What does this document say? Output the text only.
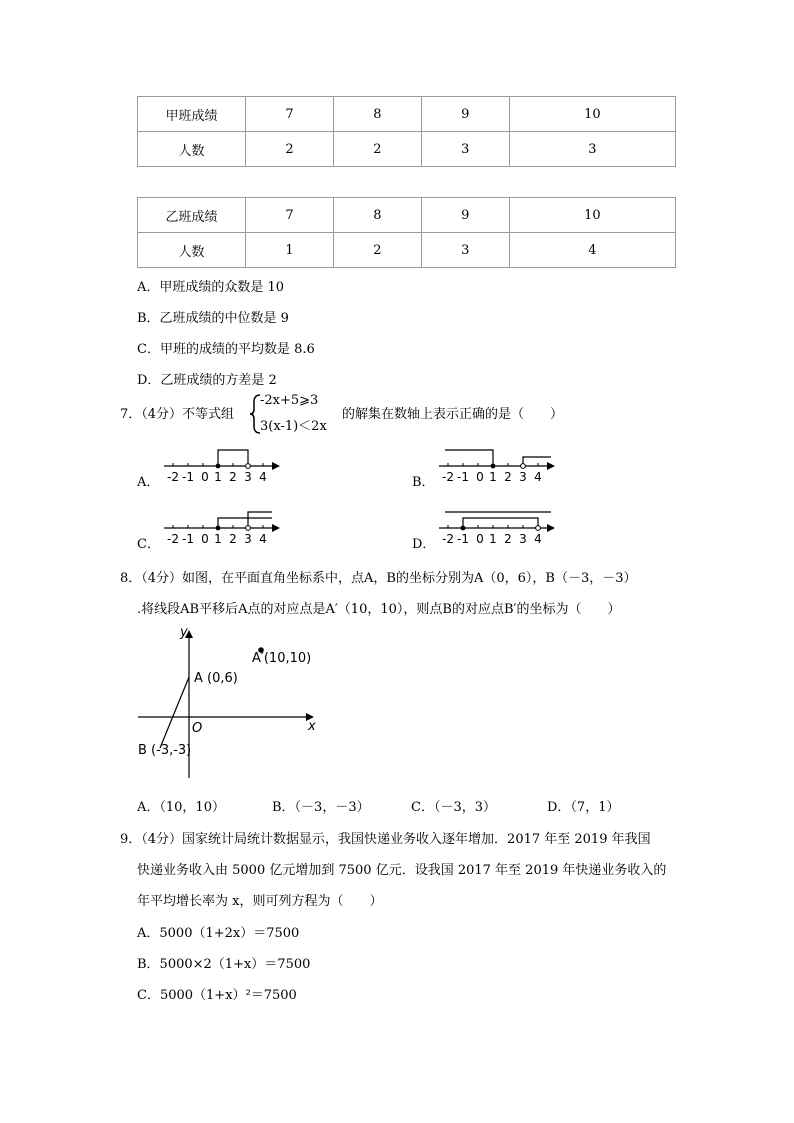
甲班成绩	7	8	9	10
人数	2	2	3	3
乙班成绩	7	8	9	10
人数	1	2	3	4
A．甲班成绩的众数是 10
B．乙班成绩的中位数是 9
C．甲班的成绩的平均数是 8.6
D．乙班成绩的方差是 2
7．（4分）不等式组
-2x+5⩾3
3(x-1)＜2x
的解集在数轴上表示正确的是（　　）
A．	B．
C．	D．
-2 -1 0 1 2 3 4	-2 -1 0 1 2 3 4
-2 -1 0 1 2 3 4	-2 -1 0 1 2 3 4
8．（4分）如图，在平面直角坐标系中，点A，B的坐标分别为A（0，6），B（－3，－3）
.将线段AB平移后A点的对应点是A′（10，10），则点B的对应点B′的坐标为（　　）
y
x
O
A (0,6)
B (-3,-3)
A′(10,10)
A．（10，10）	B．（－3，－3）	C．（－3，3）	D．（7，1）
9．（4分）国家统计局统计数据显示，我国快递业务收入逐年增加．2017 年至 2019 年我国
快递业务收入由 5000 亿元增加到 7500 亿元．设我国 2017 年至 2019 年快递业务收入的
年平均增长率为 x，则可列方程为（　　）
A．5000（1+2x）＝7500
B．5000×2（1+x）＝7500
C．5000（1+x）²＝7500
